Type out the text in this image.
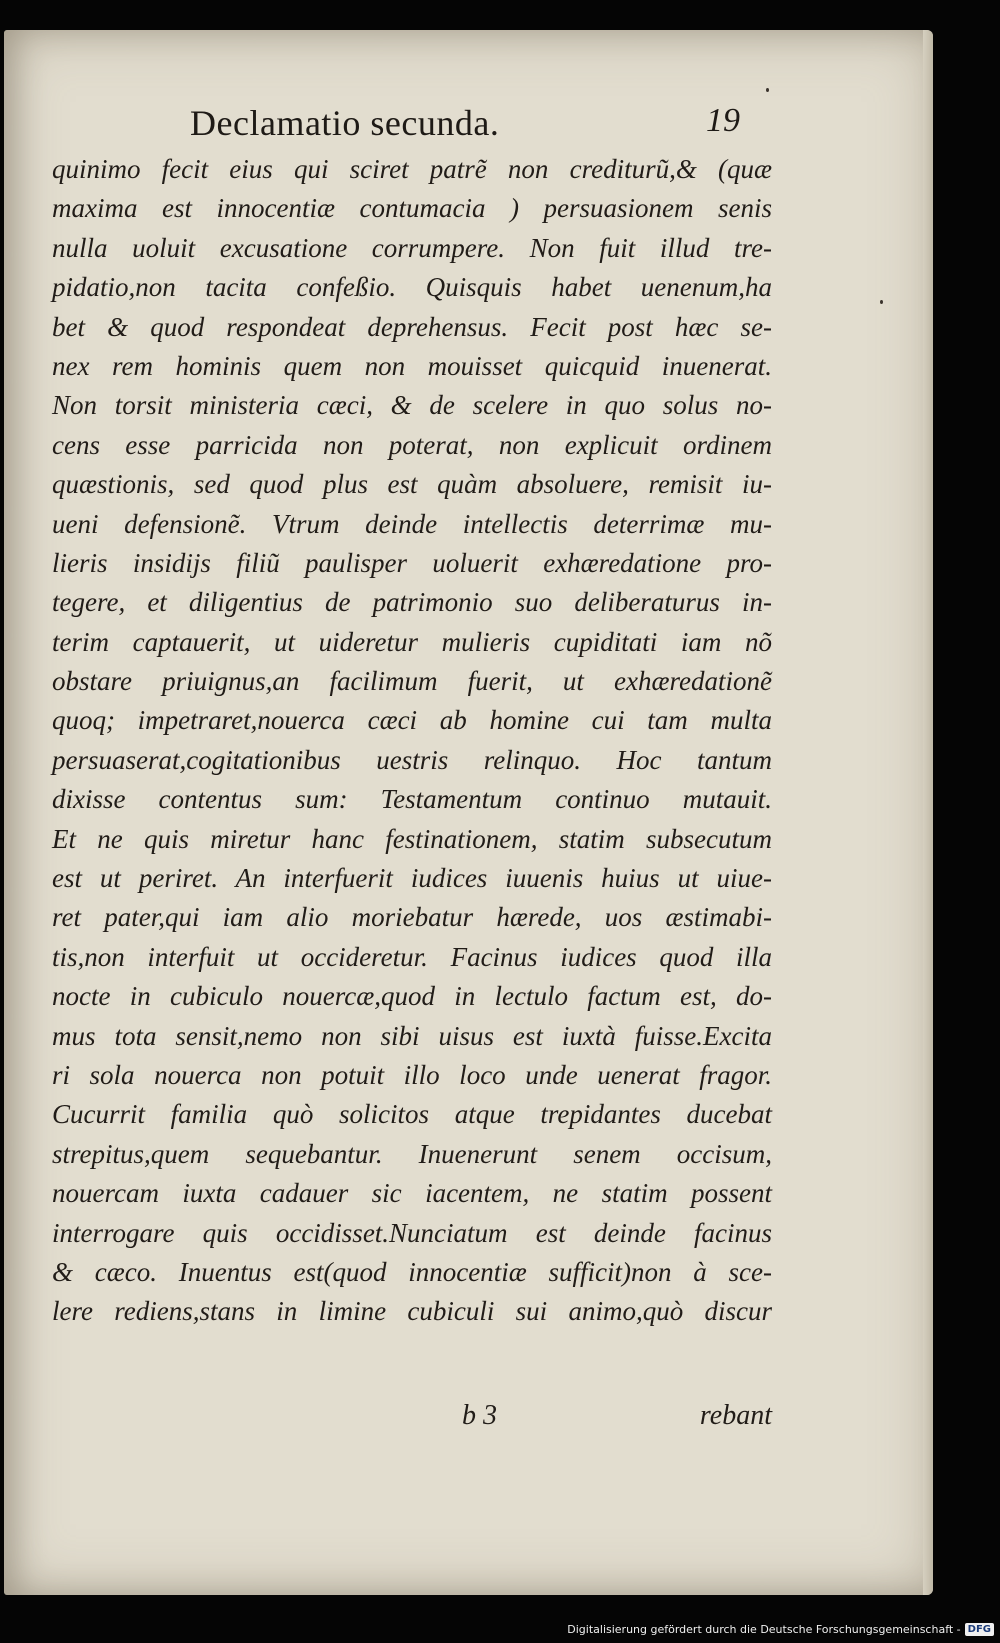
Declamatio secunda.	19
quinimo fecit eius qui sciret patrẽ non crediturũ,& (quæ
maxima est innocentiæ contumacia ) persuasionem senis
nulla uoluit excusatione corrumpere. Non fuit illud tre-
pidatio,non tacita confeßio. Quisquis habet uenenum,ha
bet & quod respondeat deprehensus. Fecit post hæc se-
nex rem hominis quem non mouisset quicquid inuenerat.
Non torsit ministeria cæci, & de scelere in quo solus no-
cens esse parricida non poterat, non explicuit ordinem
quæstionis, sed quod plus est quàm absoluere, remisit iu-
ueni defensionẽ. Vtrum deinde intellectis deterrimæ mu-
lieris insidijs filiũ paulisper uoluerit exhæredatione pro-
tegere, et diligentius de patrimonio suo deliberaturus in-
terim captauerit, ut uideretur mulieris cupiditati iam nõ
obstare priuignus,an facilimum fuerit, ut exhæredationẽ
quoq; impetraret,nouerca cæci ab homine cui tam multa
persuaserat,cogitationibus uestris relinquo. Hoc tantum
dixisse contentus sum: Testamentum continuo mutauit.
Et ne quis miretur hanc festinationem, statim subsecutum
est ut periret. An interfuerit iudices iuuenis huius ut uiue-
ret pater,qui iam alio moriebatur hærede, uos æstimabi-
tis,non interfuit ut occideretur. Facinus iudices quod illa
nocte in cubiculo nouercæ,quod in lectulo factum est, do-
mus tota sensit,nemo non sibi uisus est iuxtà fuisse.Excita
ri sola nouerca non potuit illo loco unde uenerat fragor.
Cucurrit familia quò solicitos atque trepidantes ducebat
strepitus,quem sequebantur. Inuenerunt senem occisum,
nouercam iuxta cadauer sic iacentem, ne statim possent
interrogare quis occidisset.Nunciatum est deinde facinus
& cæco. Inuentus est(quod innocentiæ sufficit)non à sce-
lere rediens,stans in limine cubiculi sui animo,quò discur
b 3	rebant
Digitalisierung gefördert durch die Deutsche Forschungsgemeinschaft - DFG
